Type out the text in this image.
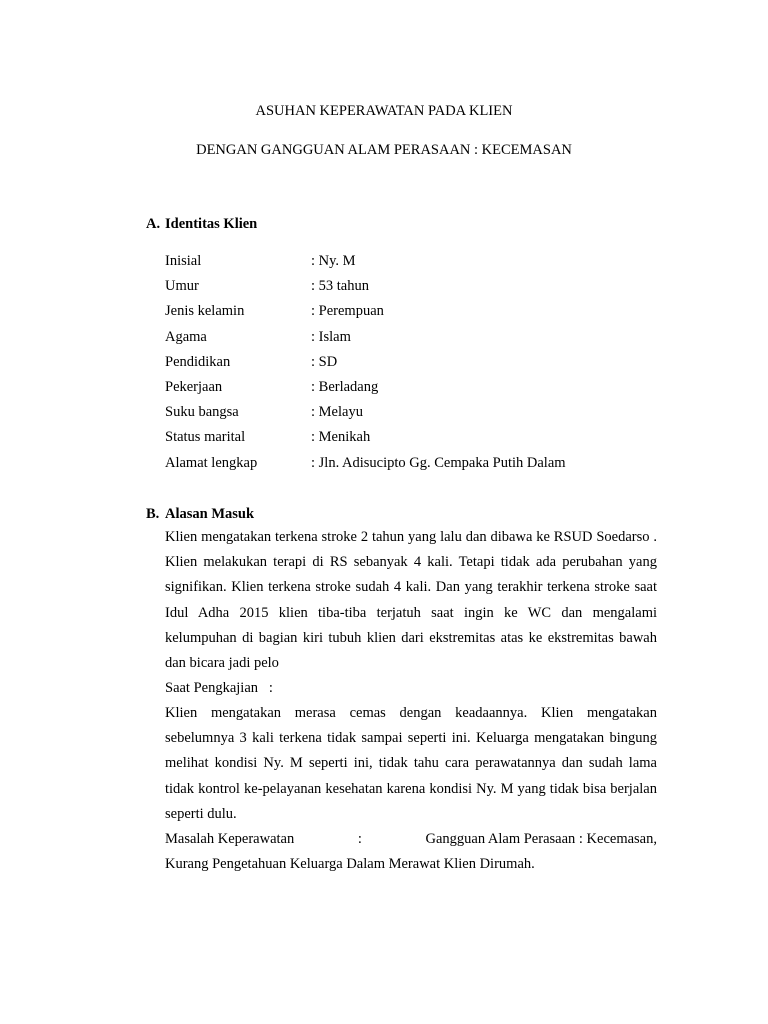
ASUHAN KEPERAWATAN PADA KLIEN
DENGAN GANGGUAN ALAM PERASAAN : KECEMASAN
A. Identitas Klien
Inisial	: Ny. M
Umur	: 53 tahun
Jenis kelamin	: Perempuan
Agama	: Islam
Pendidikan	: SD
Pekerjaan	: Berladang
Suku bangsa	: Melayu
Status marital	: Menikah
Alamat lengkap	: Jln. Adisucipto Gg. Cempaka Putih Dalam
B. Alasan Masuk
Klien mengatakan terkena stroke 2 tahun yang lalu dan dibawa ke RSUD Soedarso . Klien melakukan terapi di RS sebanyak 4 kali. Tetapi tidak ada perubahan yang signifikan. Klien terkena stroke sudah 4 kali. Dan yang terakhir terkena stroke saat Idul Adha 2015 klien tiba-tiba terjatuh saat ingin ke WC dan mengalami kelumpuhan di bagian kiri tubuh klien dari ekstremitas atas ke ekstremitas bawah dan bicara jadi pelo
Saat Pengkajian   :
Klien mengatakan merasa cemas dengan keadaannya. Klien mengatakan sebelumnya 3 kali terkena tidak sampai seperti ini. Keluarga mengatakan bingung melihat kondisi Ny. M seperti ini, tidak tahu cara perawatannya dan sudah lama tidak kontrol ke-pelayanan kesehatan karena kondisi Ny. M yang tidak bisa berjalan seperti dulu.
Masalah Keperawatan	:	Gangguan Alam Perasaan : Kecemasan,
Kurang Pengetahuan Keluarga Dalam Merawat Klien Dirumah.
